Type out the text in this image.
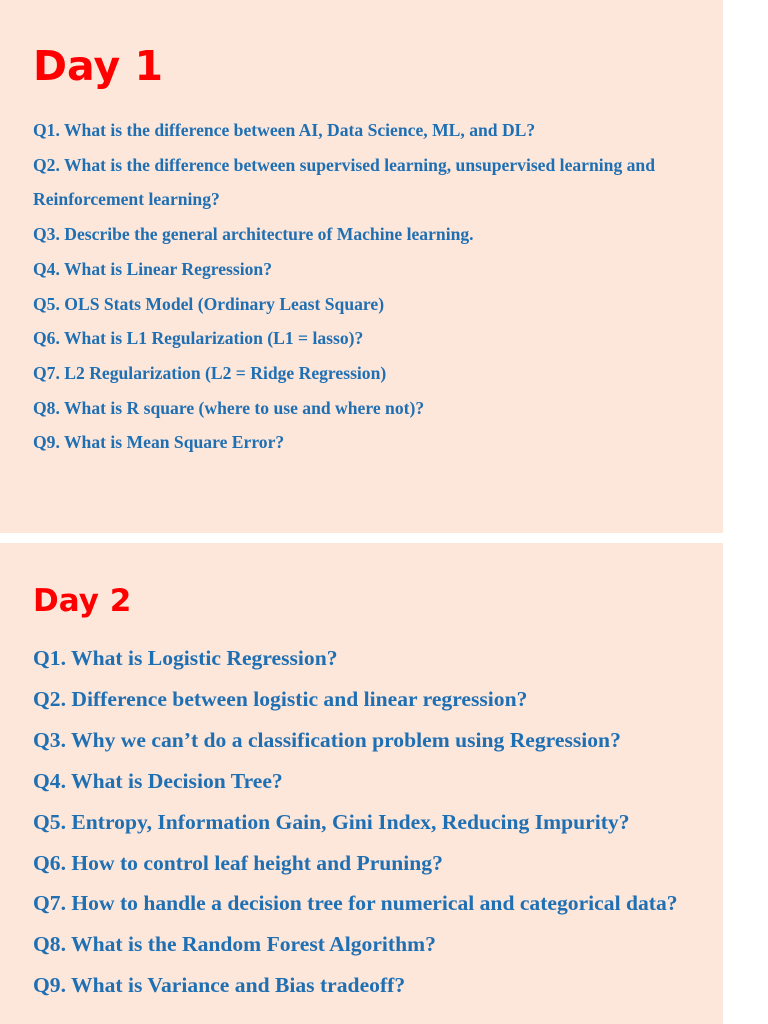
Day 1
Q1. What is the difference between AI, Data Science, ML, and DL?
Q2. What is the difference between supervised learning, unsupervised learning and Reinforcement learning?
Q3. Describe the general architecture of Machine learning.
Q4. What is Linear Regression?
Q5. OLS Stats Model (Ordinary Least Square)
Q6. What is L1 Regularization (L1 = lasso)?
Q7. L2 Regularization (L2 = Ridge Regression)
Q8. What is R square (where to use and where not)?
Q9. What is Mean Square Error?
Day 2
Q1. What is Logistic Regression?
Q2. Difference between logistic and linear regression?
Q3. Why we can’t do a classification problem using Regression?
Q4. What is Decision Tree?
Q5. Entropy, Information Gain, Gini Index, Reducing Impurity?
Q6. How to control leaf height and Pruning?
Q7. How to handle a decision tree for numerical and categorical data?
Q8. What is the Random Forest Algorithm?
Q9. What is Variance and Bias tradeoff?
